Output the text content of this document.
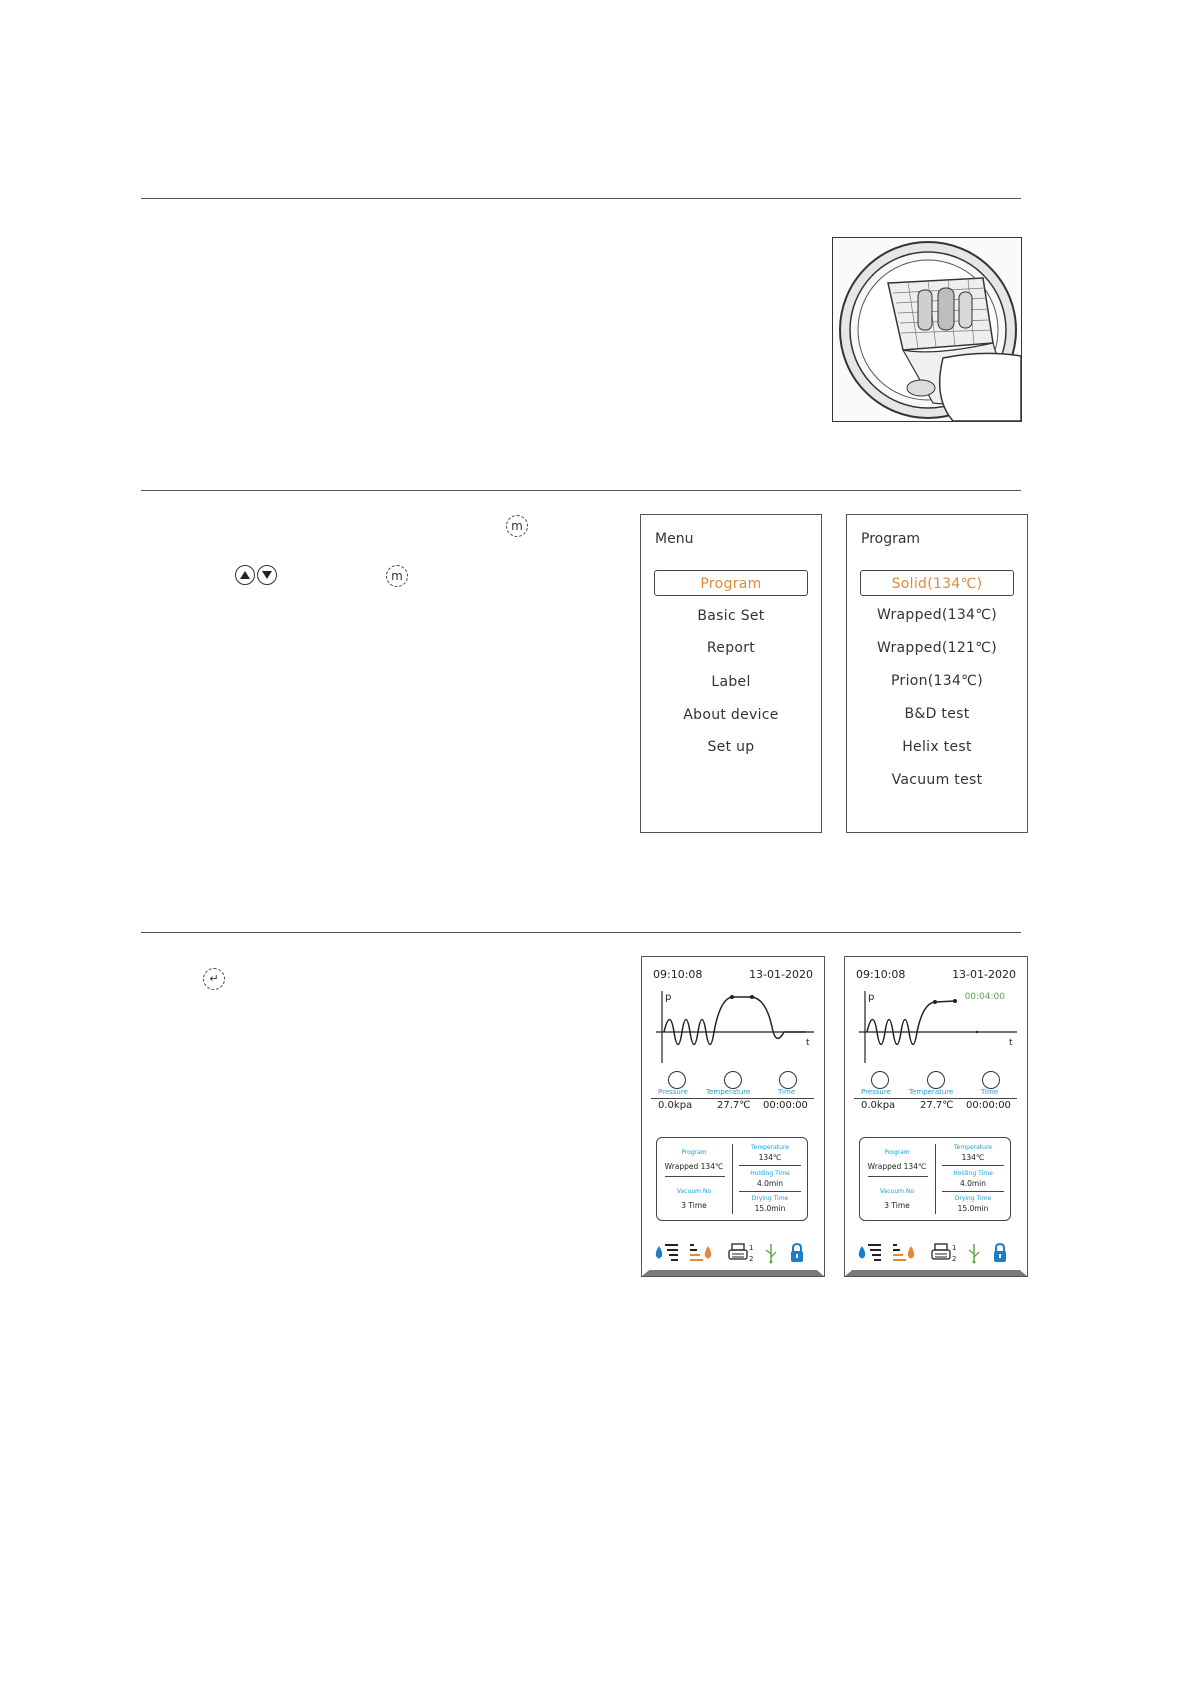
m
m
Menu
Program
Basic Set
Report
Label
About device
Set up
Program
Solid(134℃)
Wrapped(134℃)
Wrapped(121℃)
Prion(134℃)
B&D test
Helix test
Vacuum test
↵	09:10:08	13-01-2020
p
t
Pressure	Temperature	Time
0.0kpa 27.7℃ 00:00:00
Program
Wrapped 134℃
Vacuum No
3 Time
Temperature
134℃
Holding Time
4.0min
Drying Time
15.0min
1
2
09:10:08	13-01-2020
p
t
00:04:00
Pressure	Temperature	Time
0.0kpa 27.7℃ 00:00:00
Program
Wrapped 134℃
Vacuum No
3 Time
Temperature
134℃
Holding Time
4.0min
Drying Time
15.0min
1
2
